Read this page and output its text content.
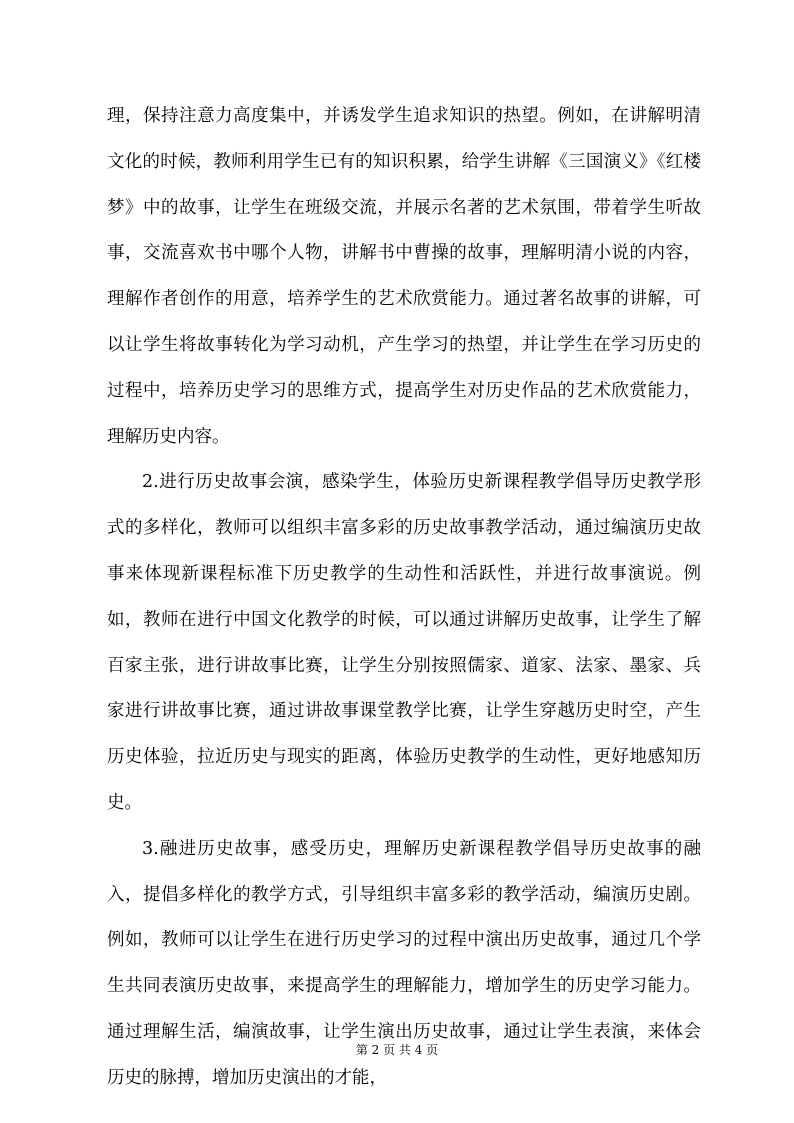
理，保持注意力高度集中，并诱发学生追求知识的热望。例如，在讲解明清文化的时候，教师利用学生已有的知识积累，给学生讲解《三国演义》《红楼梦》中的故事，让学生在班级交流，并展示名著的艺术氛围，带着学生听故事，交流喜欢书中哪个人物，讲解书中曹操的故事，理解明清小说的内容，理解作者创作的用意，培养学生的艺术欣赏能力。通过著名故事的讲解，可以让学生将故事转化为学习动机，产生学习的热望，并让学生在学习历史的过程中，培养历史学习的思维方式，提高学生对历史作品的艺术欣赏能力，理解历史内容。

2.进行历史故事会演，感染学生，体验历史新课程教学倡导历史教学形式的多样化，教师可以组织丰富多彩的历史故事教学活动，通过编演历史故事来体现新课程标准下历史教学的生动性和活跃性，并进行故事演说。例如，教师在进行中国文化教学的时候，可以通过讲解历史故事，让学生了解百家主张，进行讲故事比赛，让学生分别按照儒家、道家、法家、墨家、兵家进行讲故事比赛，通过讲故事课堂教学比赛，让学生穿越历史时空，产生历史体验，拉近历史与现实的距离，体验历史教学的生动性，更好地感知历史。

3.融进历史故事，感受历史，理解历史新课程教学倡导历史故事的融入，提倡多样化的教学方式，引导组织丰富多彩的教学活动，编演历史剧。例如，教师可以让学生在进行历史学习的过程中演出历史故事，通过几个学生共同表演历史故事，来提高学生的理解能力，增加学生的历史学习能力。通过理解生活，编演故事，让学生演出历史故事，通过让学生表演，来体会历史的脉搏，增加历史演出的才能，

第 2 页 共 4 页
